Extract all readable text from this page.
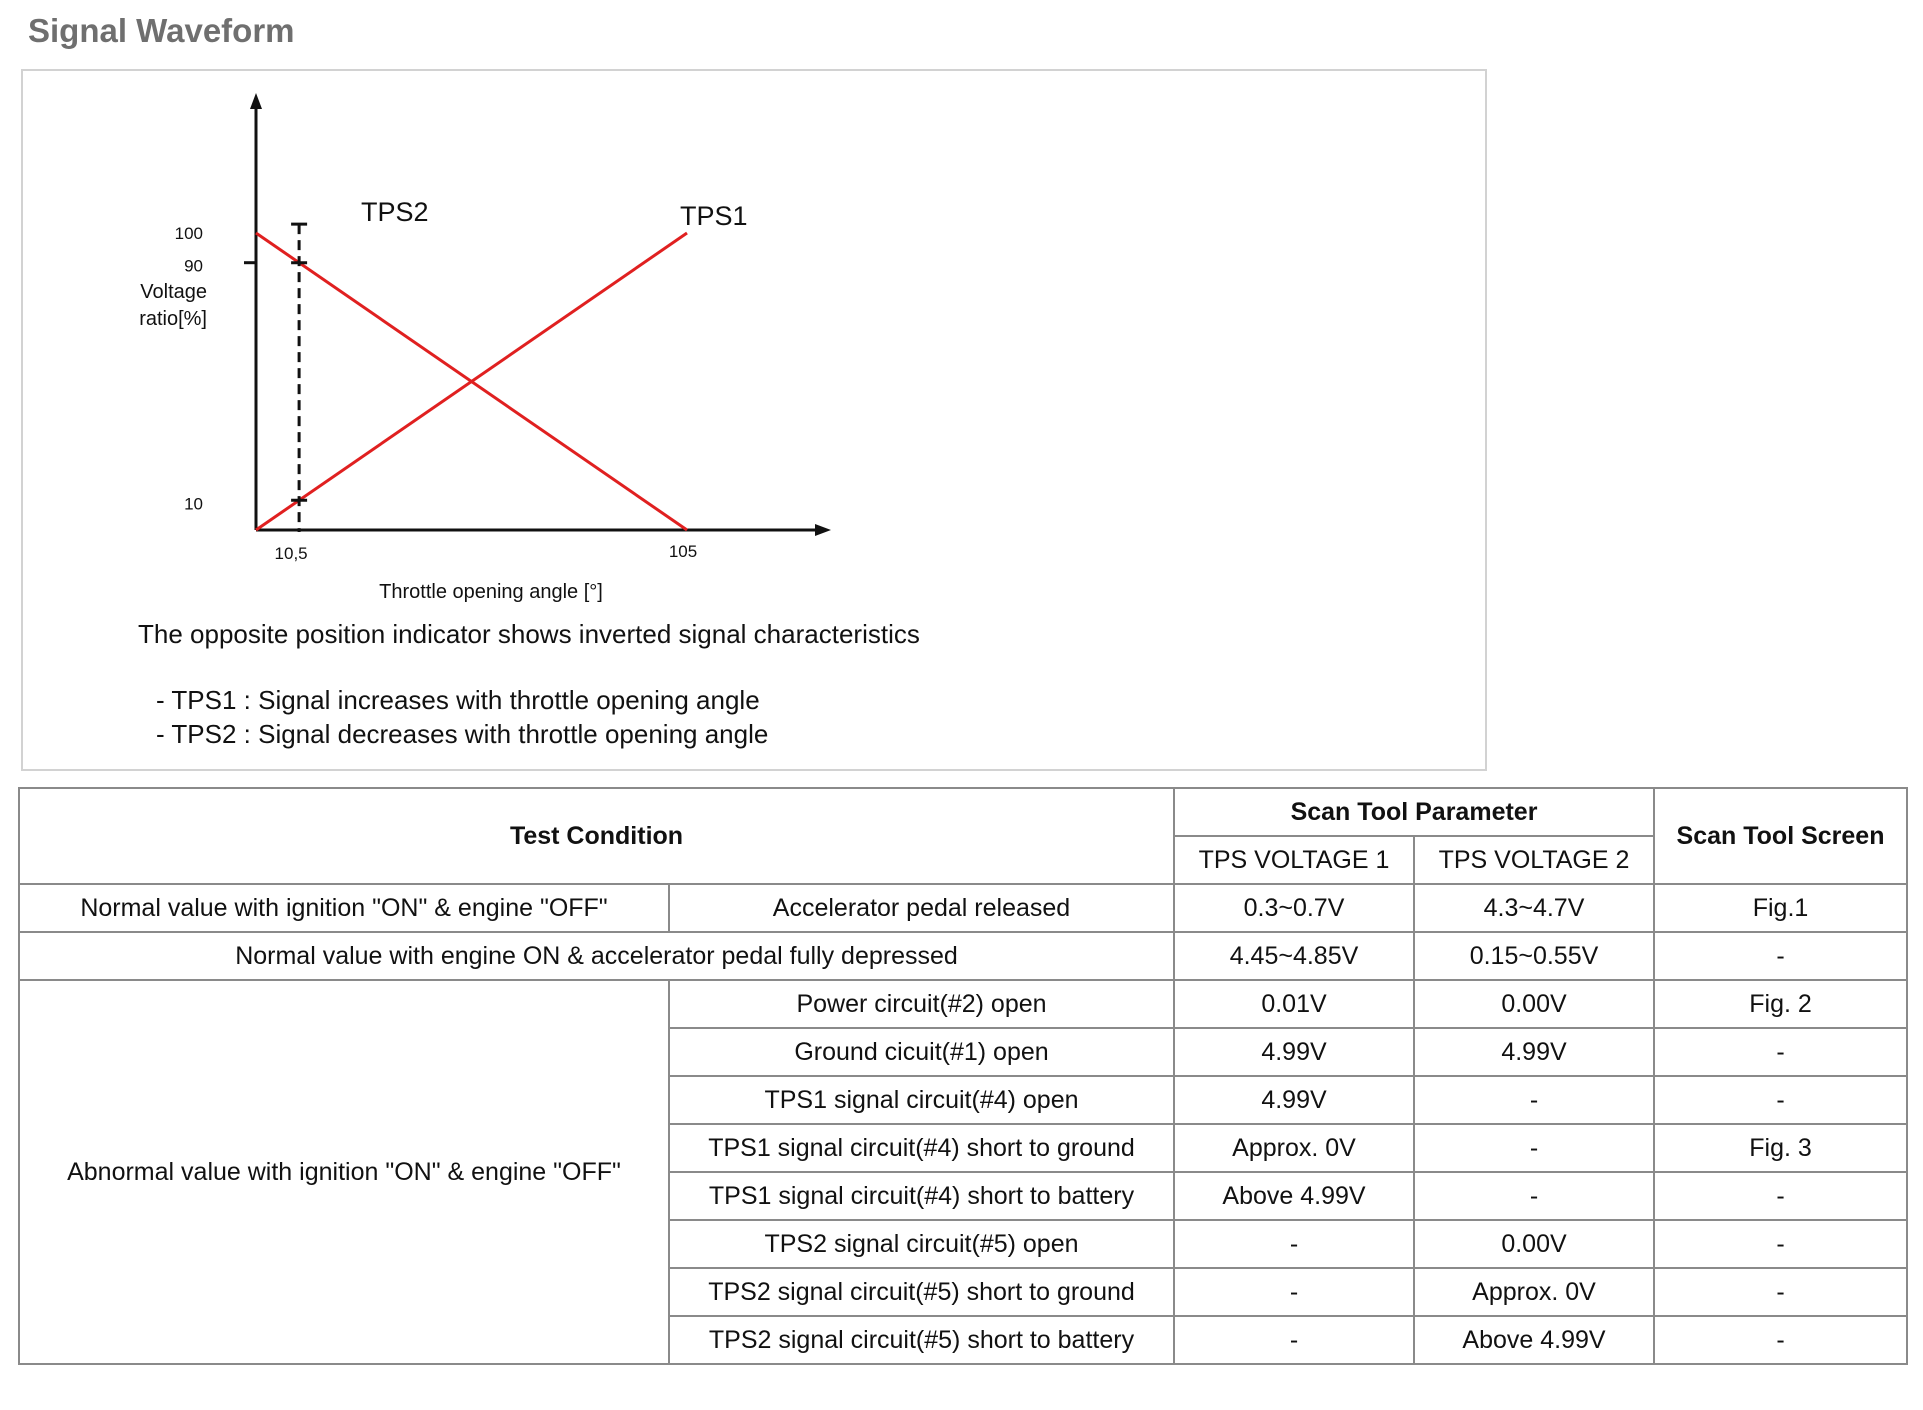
Signal Waveform
100
90
10
10,5	105
Voltage
ratio[%]
Throttle opening angle [°]
TPS2	TPS1

The opposite position indicator shows inverted signal characteristics

- TPS1 : Signal increases with throttle opening angle
- TPS2 : Signal decreases with throttle opening angle
Test Condition		Scan Tool Parameter		Scan Tool Screen
		TPS VOLTAGE 1	TPS VOLTAGE 2	
Normal value with ignition "ON" & engine "OFF"	Accelerator pedal released	0.3~0.7V	4.3~4.7V	Fig.1
Normal value with engine ON & accelerator pedal fully depressed		4.45~4.85V	0.15~0.55V	-
Abnormal value with ignition "ON" & engine "OFF"	Power circuit(#2) open	0.01V	0.00V	Fig. 2
	Ground cicuit(#1) open	4.99V	4.99V	-
	TPS1 signal circuit(#4) open	4.99V	-	-
	TPS1 signal circuit(#4) short to ground	Approx. 0V	-	Fig. 3
	TPS1 signal circuit(#4) short to battery	Above 4.99V	-	-
	TPS2 signal circuit(#5) open	-	0.00V	-
	TPS2 signal circuit(#5) short to ground	-	Approx. 0V	-
	TPS2 signal circuit(#5) short to battery	-	Above 4.99V	-
